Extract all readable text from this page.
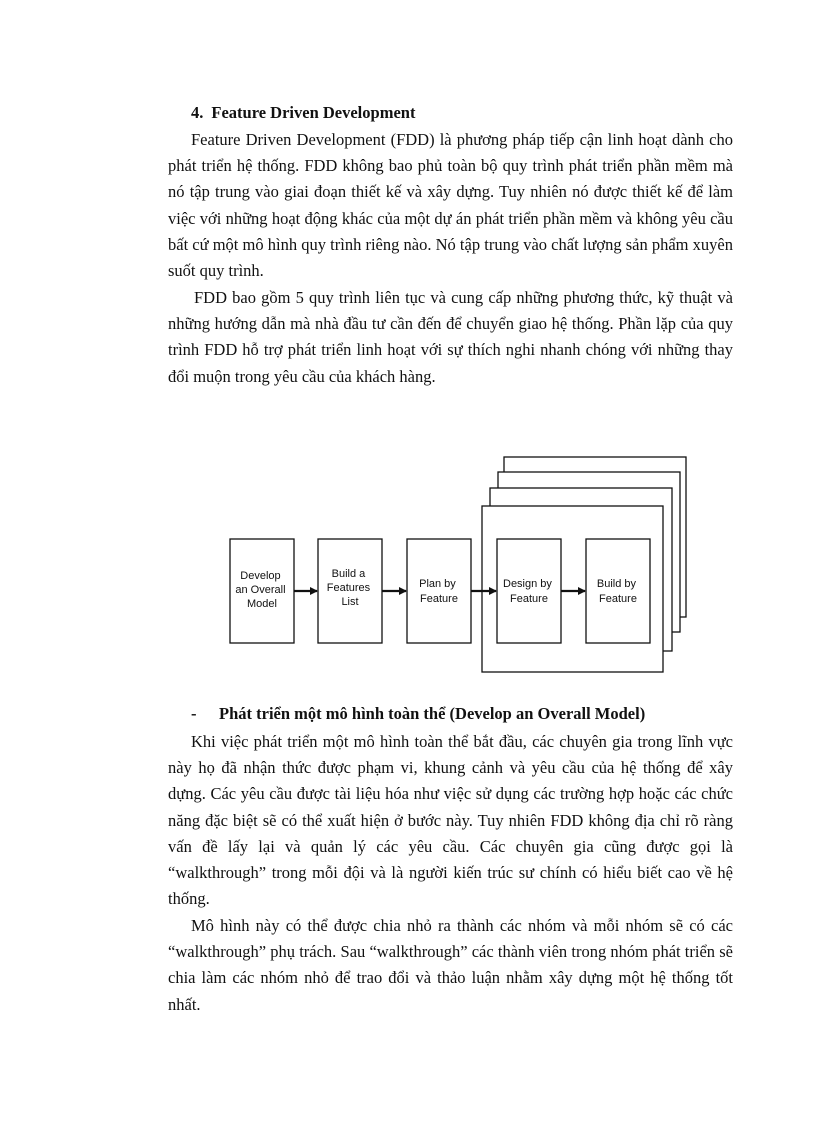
4. Feature Driven Development

Feature Driven Development (FDD) là phương pháp tiếp cận linh hoạt dành cho phát triển hệ thống. FDD không bao phủ toàn bộ quy trình phát triển phần mềm mà nó tập trung vào giai đoạn thiết kế và xây dựng. Tuy nhiên nó được thiết kế để làm việc với những hoạt động khác của một dự án phát triển phần mềm và không yêu cầu bất cứ một mô hình quy trình riêng nào. Nó tập trung vào chất lượng sản phẩm xuyên suốt quy trình.

FDD bao gồm 5 quy trình liên tục và cung cấp những phương thức, kỹ thuật và những hướng dẫn mà nhà đầu tư cần đến để chuyển giao hệ thống. Phần lặp của quy trình FDD hỗ trợ phát triển linh hoạt với sự thích nghi nhanh chóng với những thay đổi muộn trong yêu cầu của khách hàng.

Develop an Overall Model
Build a Features List
Plan by Feature
Design by Feature
Build by Feature
- Phát triển một mô hình toàn thể (Develop an Overall Model)

Khi việc phát triển một mô hình toàn thể bắt đầu, các chuyên gia trong lĩnh vực này họ đã nhận thức được phạm vi, khung cảnh và yêu cầu của hệ thống để xây dựng. Các yêu cầu được tài liệu hóa như việc sử dụng các trường hợp hoặc các chức năng đặc biệt sẽ có thể xuất hiện ở bước này. Tuy nhiên FDD không địa chỉ rõ ràng vấn đề lấy lại và quản lý các yêu cầu. Các chuyên gia cũng được gọi là “walkthrough” trong mỗi đội và là người kiến trúc sư chính có hiểu biết cao về hệ thống.

Mô hình này có thể được chia nhỏ ra thành các nhóm và mỗi nhóm sẽ có các “walkthrough” phụ trách. Sau “walkthrough” các thành viên trong nhóm phát triển sẽ chia làm các nhóm nhỏ để trao đổi và thảo luận nhằm xây dựng một hệ thống tốt nhất.
